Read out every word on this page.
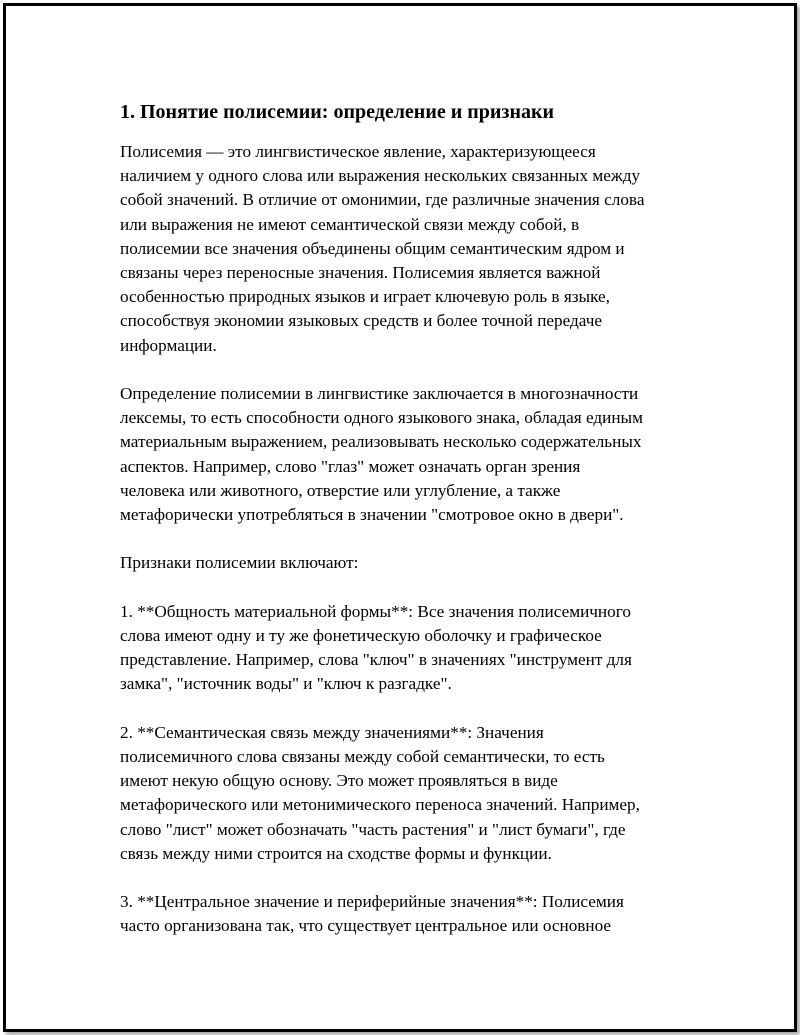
1. Понятие полисемии: определение и признаки

Полисемия — это лингвистическое явление, характеризующееся
наличием у одного слова или выражения нескольких связанных между
собой значений. В отличие от омонимии, где различные значения слова
или выражения не имеют семантической связи между собой, в
полисемии все значения объединены общим семантическим ядром и
связаны через переносные значения. Полисемия является важной
особенностью природных языков и играет ключевую роль в языке,
способствуя экономии языковых средств и более точной передаче
информации.

Определение полисемии в лингвистике заключается в многозначности
лексемы, то есть способности одного языкового знака, обладая единым
материальным выражением, реализовывать несколько содержательных
аспектов. Например, слово "глаз" может означать орган зрения
человека или животного, отверстие или углубление, а также
метафорически употребляться в значении "смотровое окно в двери".

Признаки полисемии включают:

1. **Общность материальной формы**: Все значения полисемичного
слова имеют одну и ту же фонетическую оболочку и графическое
представление. Например, слова "ключ" в значениях "инструмент для
замка", "источник воды" и "ключ к разгадке".

2. **Семантическая связь между значениями**: Значения
полисемичного слова связаны между собой семантически, то есть
имеют некую общую основу. Это может проявляться в виде
метафорического или метонимического переноса значений. Например,
слово "лист" может обозначать "часть растения" и "лист бумаги", где
связь между ними строится на сходстве формы и функции.

3. **Центральное значение и периферийные значения**: Полисемия
часто организована так, что существует центральное или основное
